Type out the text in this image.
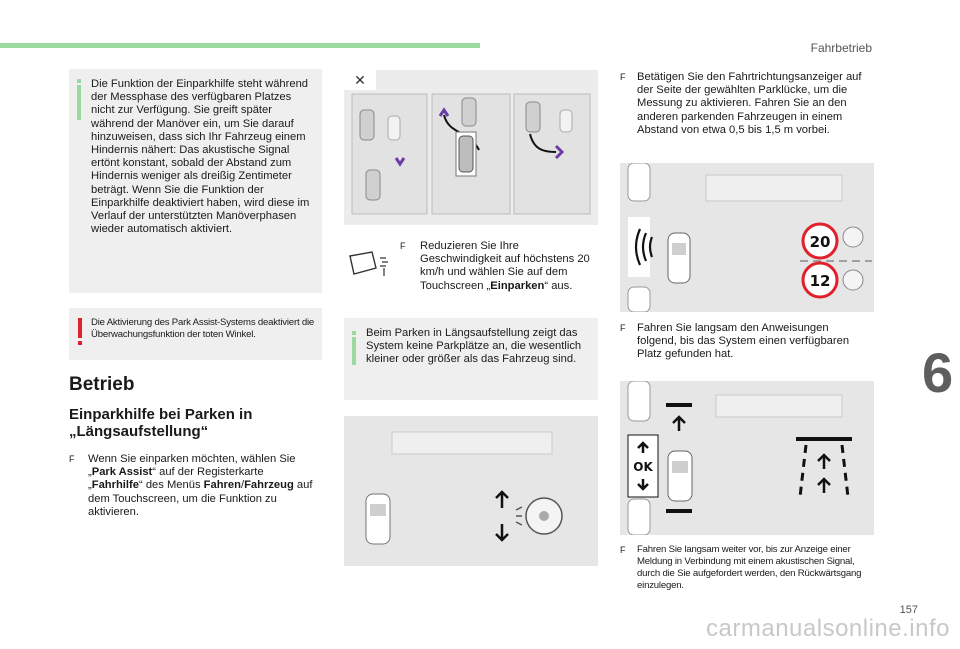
Fahrbetrieb
6
157
carmanualsonline.info
Die Funktion der Einparkhilfe steht während der Messphase des verfügbaren Platzes nicht zur Verfügung. Sie greift später während der Manöver ein, um Sie darauf hinzuweisen, dass sich Ihr Fahrzeug einem Hindernis nähert: Das akustische Signal ertönt konstant, sobald der Abstand zum Hindernis weniger als dreißig Zentimeter beträgt. Wenn Sie die Funktion der Einparkhilfe deaktiviert haben, wird diese im Verlauf der unterstützten Manöverphasen wieder automatisch aktiviert.
Die Aktivierung des Park Assist-Systems deaktiviert die Überwachungsfunktion der toten Winkel.
Betrieb
Einparkhilfe bei Parken in „Längsaufstellung“
F	Wenn Sie einparken möchten, wählen Sie „Park Assist“ auf der Registerkarte „Fahrhilfe“ des Menüs Fahren/Fahrzeug auf dem Touchscreen, um die Funktion zu aktivieren.
✕
F	Reduzieren Sie Ihre Geschwindigkeit auf höchstens 20 km/h und wählen Sie auf dem Touchscreen „Einparken“ aus.
Beim Parken in Längsaufstellung zeigt das System keine Parkplätze an, die wesentlich kleiner oder größer als das Fahrzeug sind.
F	Betätigen Sie den Fahrtrichtungsanzeiger auf der Seite der gewählten Parklücke, um die Messung zu aktivieren. Fahren Sie an den anderen parkenden Fahrzeugen in einem Abstand von etwa 0,5 bis 1,5 m vorbei.
20
12
F	Fahren Sie langsam den Anweisungen folgend, bis das System einen verfügbaren Platz gefunden hat.
OK
F	Fahren Sie langsam weiter vor, bis zur Anzeige einer Meldung in Verbindung mit einem akustischen Signal, durch die Sie aufgefordert werden, den Rückwärtsgang einzulegen.
